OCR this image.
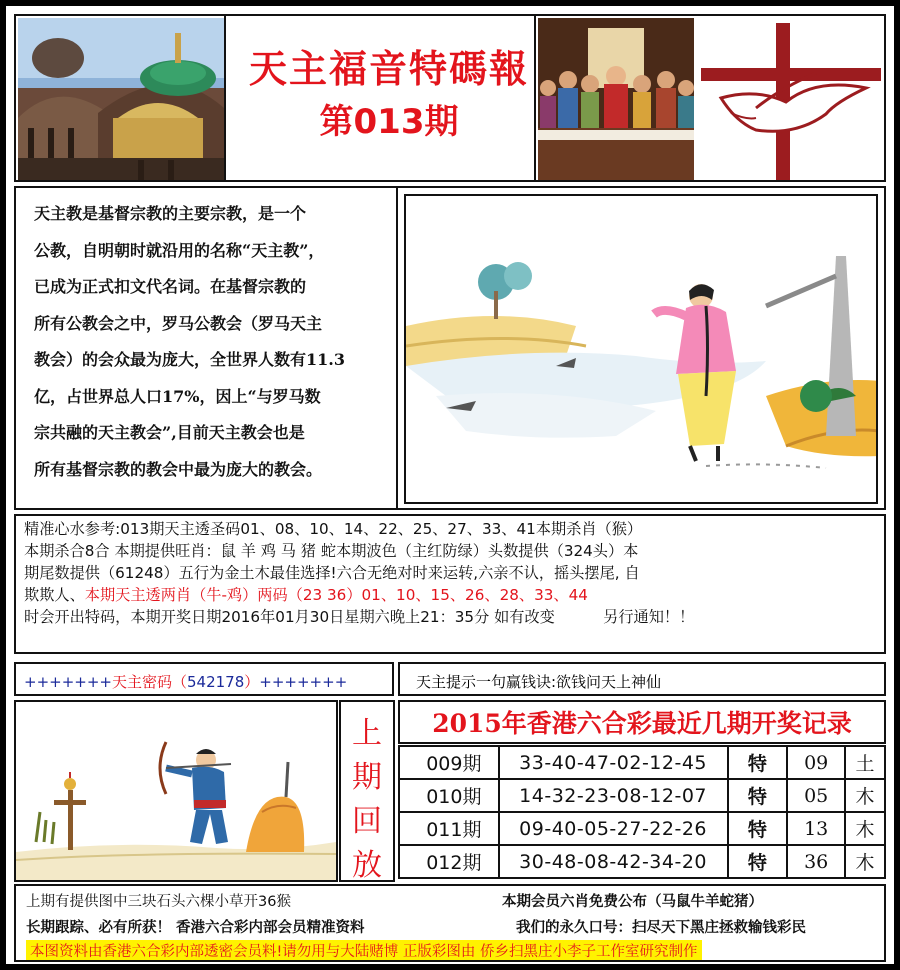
天主福音特碼報
第013期
天主教是基督宗教的主要宗教，是一个
公教，自明朝时就沿用的名称“天主教”，
已成为正式扣文代名词。在基督宗教的
所有公教会之中，罗马公教会（罗马天主
教会）的会众最为庞大，全世界人数有11.3
亿，占世界总人口17%，因上“与罗马数
宗共融的天主教会”,目前天主教会也是
所有基督宗教的教会中最为庞大的教会。

精准心水参考:013期天主透圣码01、08、10、14、22、25、27、33、41本期杀肖（猴）

本期杀合8合 本期提供旺肖：鼠 羊 鸡 马 猪 蛇本期波色（主红防绿）头数提供（324头）本

期尾数提供（61248）五行为金土木最佳选择!六合无绝对时来运转,六亲不认，摇头摆尾, 自

欺欺人、本期天主透两肖（牛-鸡）两码（23 36）01、10、15、26、28、33、44

时会开出特码，本期开奖日期2016年01月30日星期六晚上21：35分 如有改变	另行通知！！

+++++++天主密码（542178）+++++++	天主提示一句赢钱诀:欲钱问天上神仙
上
期
回
放
2015年香港六合彩最近几期开奖记录
009期	33-40-47-02-12-45	特	09	土
010期	14-32-23-08-12-07	特	05	木
011期	09-40-05-27-22-26	特	13	木
012期	30-48-08-42-34-20	特	36	木
上期有提供图中三块石头六棵小草开36猴	本期会员六肖免费公布（马鼠牛羊蛇猪）
长期跟踪、必有所获！ 香港六合彩内部会员精准资料	我们的永久口号：扫尽天下黑庄拯救输钱彩民
本图资料由香港六合彩内部透密会员料!请勿用与大陆赌博 正版彩图由 侨乡扫黑庄小李子工作室研究制作
